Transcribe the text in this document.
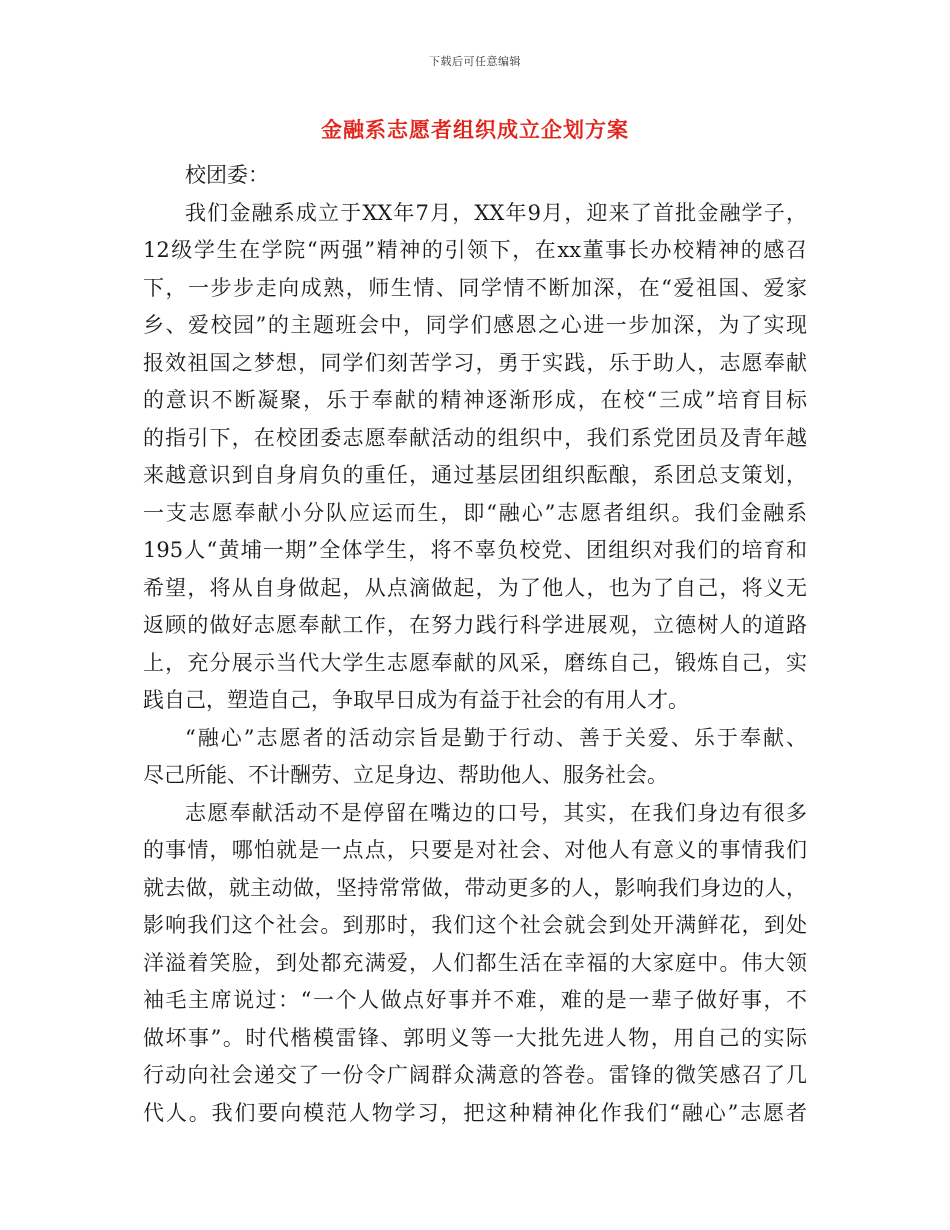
下载后可任意编辑
金融系志愿者组织成立企划方案
校团委：
我们金融系成立于XX年7月，XX年9月，迎来了首批金融学子，
12级学生在学院“两强”精神的引领下，在xx董事长办校精神的感召
下，一步步走向成熟，师生情、同学情不断加深，在“爱祖国、爱家
乡、爱校园”的主题班会中，同学们感恩之心进一步加深，为了实现
报效祖国之梦想，同学们刻苦学习，勇于实践，乐于助人，志愿奉献
的意识不断凝聚，乐于奉献的精神逐渐形成，在校“三成”培育目标
的指引下，在校团委志愿奉献活动的组织中，我们系党团员及青年越
来越意识到自身肩负的重任，通过基层团组织酝酿，系团总支策划，
一支志愿奉献小分队应运而生，即“融心”志愿者组织。我们金融系
195人“黄埔一期”全体学生，将不辜负校党、团组织对我们的培育和
希望，将从自身做起，从点滴做起，为了他人，也为了自己，将义无
返顾的做好志愿奉献工作，在努力践行科学进展观，立德树人的道路
上，充分展示当代大学生志愿奉献的风采，磨练自己，锻炼自己，实
践自己，塑造自己，争取早日成为有益于社会的有用人才。
“融心”志愿者的活动宗旨是勤于行动、善于关爱、乐于奉献、
尽己所能、不计酬劳、立足身边、帮助他人、服务社会。
志愿奉献活动不是停留在嘴边的口号，其实，在我们身边有很多
的事情，哪怕就是一点点，只要是对社会、对他人有意义的事情我们
就去做，就主动做，坚持常常做，带动更多的人，影响我们身边的人，
影响我们这个社会。到那时，我们这个社会就会到处开满鲜花，到处
洋溢着笑脸，到处都充满爱，人们都生活在幸福的大家庭中。伟大领
袖毛主席说过：“一个人做点好事并不难，难的是一辈子做好事，不
做坏事”。时代楷模雷锋、郭明义等一大批先进人物，用自己的实际
行动向社会递交了一份令广阔群众满意的答卷。雷锋的微笑感召了几
代人。我们要向模范人物学习，把这种精神化作我们“融心”志愿者
